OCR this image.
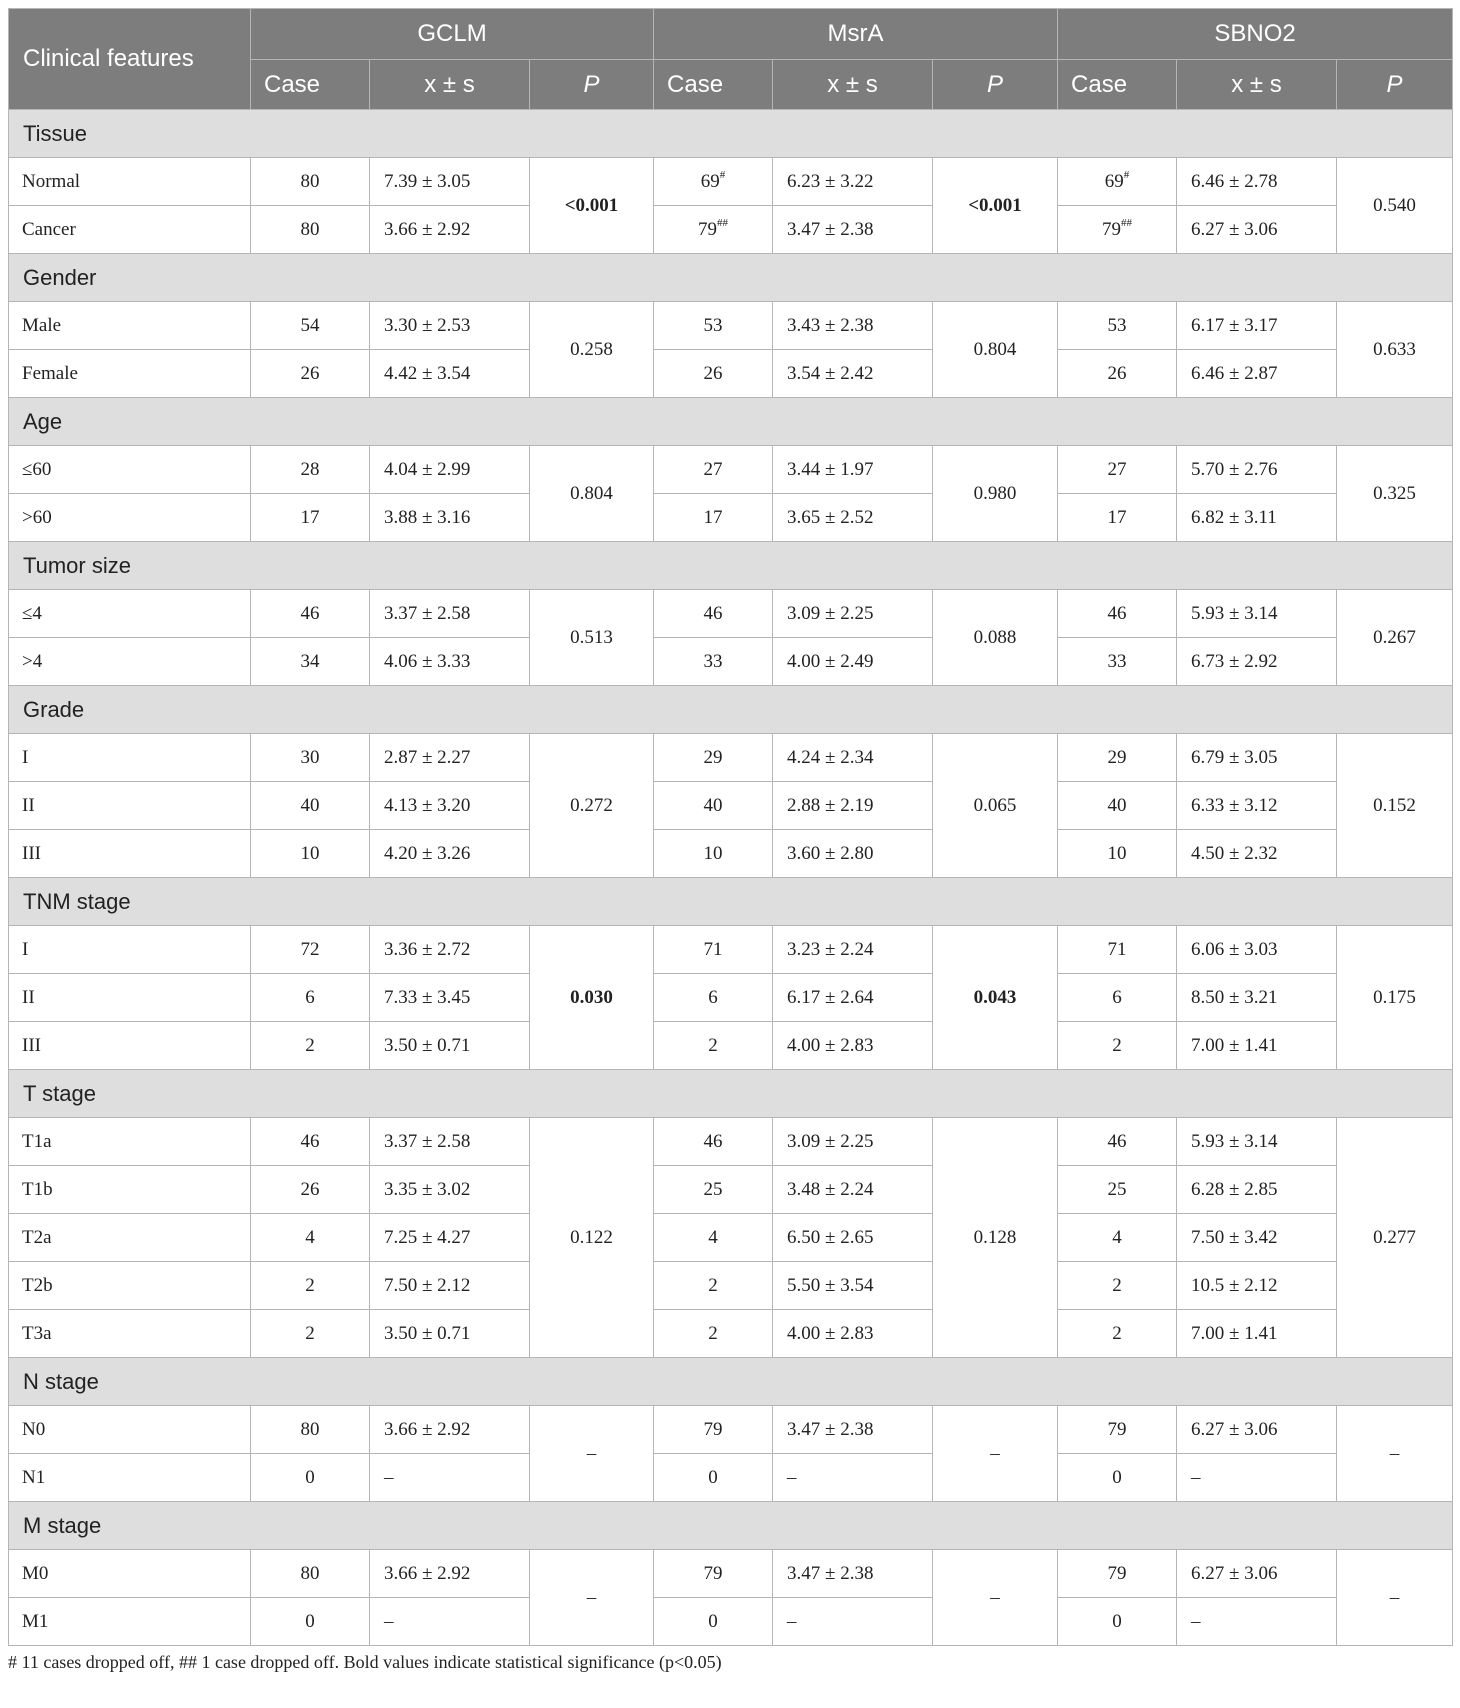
Clinical features	GCLM			MsrA			SBNO2		
	Case	x ± s	P	Case	x ± s	P	Case	x ± s	P
Tissue									
Normal	80	7.39 ± 3.05	<0.001	69#	6.23 ± 3.22	<0.001	69#	6.46 ± 2.78	0.540
Cancer	80	3.66 ± 2.92		79##	3.47 ± 2.38		79##	6.27 ± 3.06	
Gender									
Male	54	3.30 ± 2.53	0.258	53	3.43 ± 2.38	0.804	53	6.17 ± 3.17	0.633
Female	26	4.42 ± 3.54		26	3.54 ± 2.42		26	6.46 ± 2.87	
Age									
≤60	28	4.04 ± 2.99	0.804	27	3.44 ± 1.97	0.980	27	5.70 ± 2.76	0.325
>60	17	3.88 ± 3.16		17	3.65 ± 2.52		17	6.82 ± 3.11	
Tumor size									
≤4	46	3.37 ± 2.58	0.513	46	3.09 ± 2.25	0.088	46	5.93 ± 3.14	0.267
>4	34	4.06 ± 3.33		33	4.00 ± 2.49		33	6.73 ± 2.92	
Grade									
I	30	2.87 ± 2.27	0.272	29	4.24 ± 2.34	0.065	29	6.79 ± 3.05	0.152
II	40	4.13 ± 3.20		40	2.88 ± 2.19		40	6.33 ± 3.12	
III	10	4.20 ± 3.26		10	3.60 ± 2.80		10	4.50 ± 2.32	
TNM stage									
I	72	3.36 ± 2.72	0.030	71	3.23 ± 2.24	0.043	71	6.06 ± 3.03	0.175
II	6	7.33 ± 3.45		6	6.17 ± 2.64		6	8.50 ± 3.21	
III	2	3.50 ± 0.71		2	4.00 ± 2.83		2	7.00 ± 1.41	
T stage									
T1a	46	3.37 ± 2.58	0.122	46	3.09 ± 2.25	0.128	46	5.93 ± 3.14	0.277
T1b	26	3.35 ± 3.02		25	3.48 ± 2.24		25	6.28 ± 2.85	
T2a	4	7.25 ± 4.27		4	6.50 ± 2.65		4	7.50 ± 3.42	
T2b	2	7.50 ± 2.12		2	5.50 ± 3.54		2	10.5 ± 2.12	
T3a	2	3.50 ± 0.71		2	4.00 ± 2.83		2	7.00 ± 1.41	
N stage									
N0	80	3.66 ± 2.92	–	79	3.47 ± 2.38	–	79	6.27 ± 3.06	–
N1	0	–		0	–		0	–	
M stage									
M0	80	3.66 ± 2.92	–	79	3.47 ± 2.38	–	79	6.27 ± 3.06	–
M1	0	–		0	–		0	–	
# 11 cases dropped off, ## 1 case dropped off. Bold values indicate statistical significance (p<0.05)
